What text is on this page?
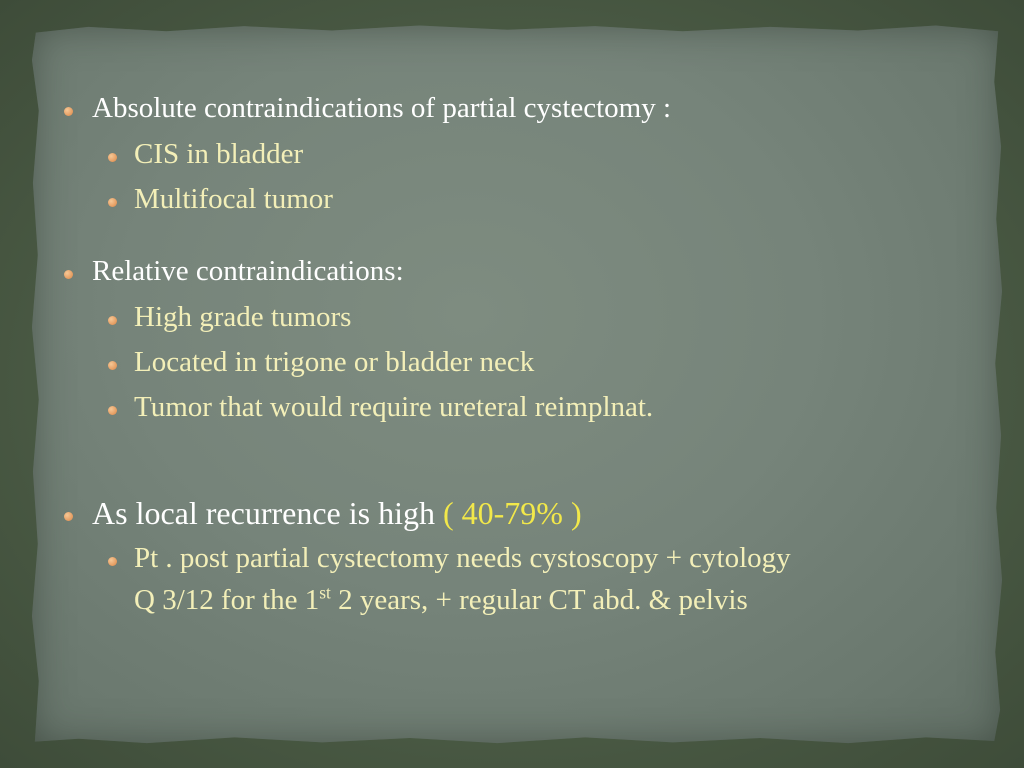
Absolute contraindications of partial cystectomy :
CIS in bladder
Multifocal tumor
Relative contraindications:
High grade tumors
Located in trigone or bladder neck
Tumor that would require ureteral reimplnat.
As local recurrence is high ( 40-79% )
Pt . post partial cystectomy needs cystoscopy + cytology
Q 3/12 for the 1st 2 years, + regular CT abd. & pelvis
